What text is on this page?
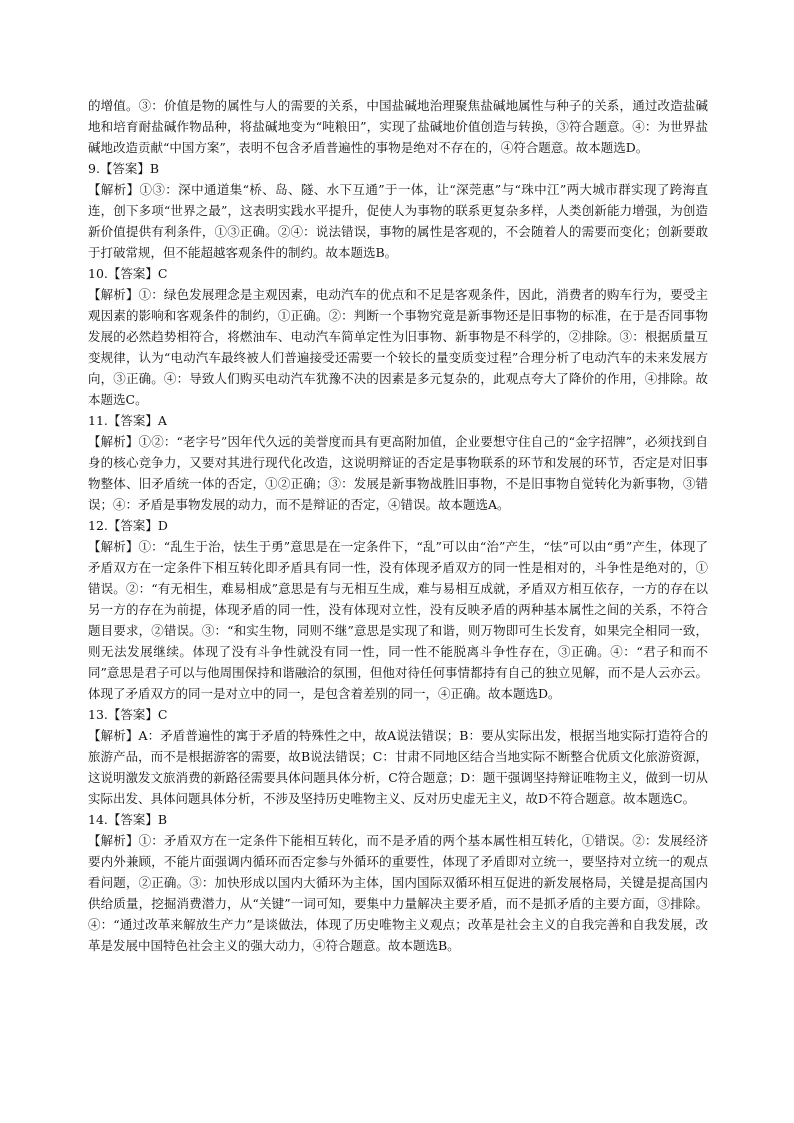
的增值。③：价值是物的属性与人的需要的关系，中国盐碱地治理聚焦盐碱地属性与种子的关系，通过改造盐碱地和培育耐盐碱作物品种，将盐碱地变为“吨粮田”，实现了盐碱地价值创造与转换，③符合题意。④：为世界盐碱地改造贡献“中国方案”，表明不包含矛盾普遍性的事物是绝对不存在的，④符合题意。故本题选D。

9.【答案】B

【解析】①③：深中通道集“桥、岛、隧、水下互通”于一体，让“深莞惠”与“珠中江”两大城市群实现了跨海直连，创下多项“世界之最”，这表明实践水平提升，促使人为事物的联系更复杂多样，人类创新能力增强，为创造新价值提供有利条件，①③正确。②④：说法错误，事物的属性是客观的，不会随着人的需要而变化；创新要敢于打破常规，但不能超越客观条件的制约。故本题选B。

10.【答案】C

【解析】①：绿色发展理念是主观因素，电动汽车的优点和不足是客观条件，因此，消费者的购车行为，要受主观因素的影响和客观条件的制约，①正确。②：判断一个事物究竟是新事物还是旧事物的标准，在于是否同事物发展的必然趋势相符合，将燃油车、电动汽车简单定性为旧事物、新事物是不科学的，②排除。③：根据质量互变规律，认为“电动汽车最终被人们普遍接受还需要一个较长的量变质变过程”合理分析了电动汽车的未来发展方向，③正确。④：导致人们购买电动汽车犹豫不决的因素是多元复杂的，此观点夸大了降价的作用，④排除。故本题选C。

11.【答案】A

【解析】①②：“老字号”因年代久远的美誉度而具有更高附加值，企业要想守住自己的“金字招牌”，必须找到自身的核心竞争力，又要对其进行现代化改造，这说明辩证的否定是事物联系的环节和发展的环节，否定是对旧事物整体、旧矛盾统一体的否定，①②正确；③：发展是新事物战胜旧事物，不是旧事物自觉转化为新事物，③错误；④：矛盾是事物发展的动力，而不是辩证的否定，④错误。故本题选A。

12.【答案】D

【解析】①：“乱生于治，怯生于勇”意思是在一定条件下，“乱”可以由“治”产生，“怯”可以由“勇”产生，体现了矛盾双方在一定条件下相互转化即矛盾具有同一性，没有体现矛盾双方的同一性是相对的，斗争性是绝对的，①错误。②：“有无相生，难易相成”意思是有与无相互生成，难与易相互成就，矛盾双方相互依存，一方的存在以另一方的存在为前提，体现矛盾的同一性，没有体现对立性，没有反映矛盾的两种基本属性之间的关系，不符合题目要求，②错误。③：“和实生物，同则不继”意思是实现了和谐，则万物即可生长发育，如果完全相同一致，则无法发展继续。体现了没有斗争性就没有同一性，同一性不能脱离斗争性存在，③正确。④：“君子和而不同”意思是君子可以与他周围保持和谐融洽的氛围，但他对待任何事情都持有自己的独立见解，而不是人云亦云。体现了矛盾双方的同一是对立中的同一，是包含着差别的同一，④正确。故本题选D。

13.【答案】C

【解析】A：矛盾普遍性的寓于矛盾的特殊性之中，故A说法错误；B：要从实际出发，根据当地实际打造符合的旅游产品，而不是根据游客的需要，故B说法错误；C：甘肃不同地区结合当地实际不断整合优质文化旅游资源，这说明激发文旅消费的新路径需要具体问题具体分析，C符合题意；D：题干强调坚持辩证唯物主义，做到一切从实际出发、具体问题具体分析，不涉及坚持历史唯物主义、反对历史虚无主义，故D不符合题意。故本题选C。

14.【答案】B

【解析】①：矛盾双方在一定条件下能相互转化，而不是矛盾的两个基本属性相互转化，①错误。②：发展经济要内外兼顾，不能片面强调内循环而否定参与外循环的重要性，体现了矛盾即对立统一，要坚持对立统一的观点看问题，②正确。③：加快形成以国内大循环为主体，国内国际双循环相互促进的新发展格局，关键是提高国内供给质量，挖掘消费潜力，从“关键”一词可知，要集中力量解决主要矛盾，而不是抓矛盾的主要方面，③排除。④：“通过改革来解放生产力”是谈做法，体现了历史唯物主义观点；改革是社会主义的自我完善和自我发展，改革是发展中国特色社会主义的强大动力，④符合题意。故本题选B。
